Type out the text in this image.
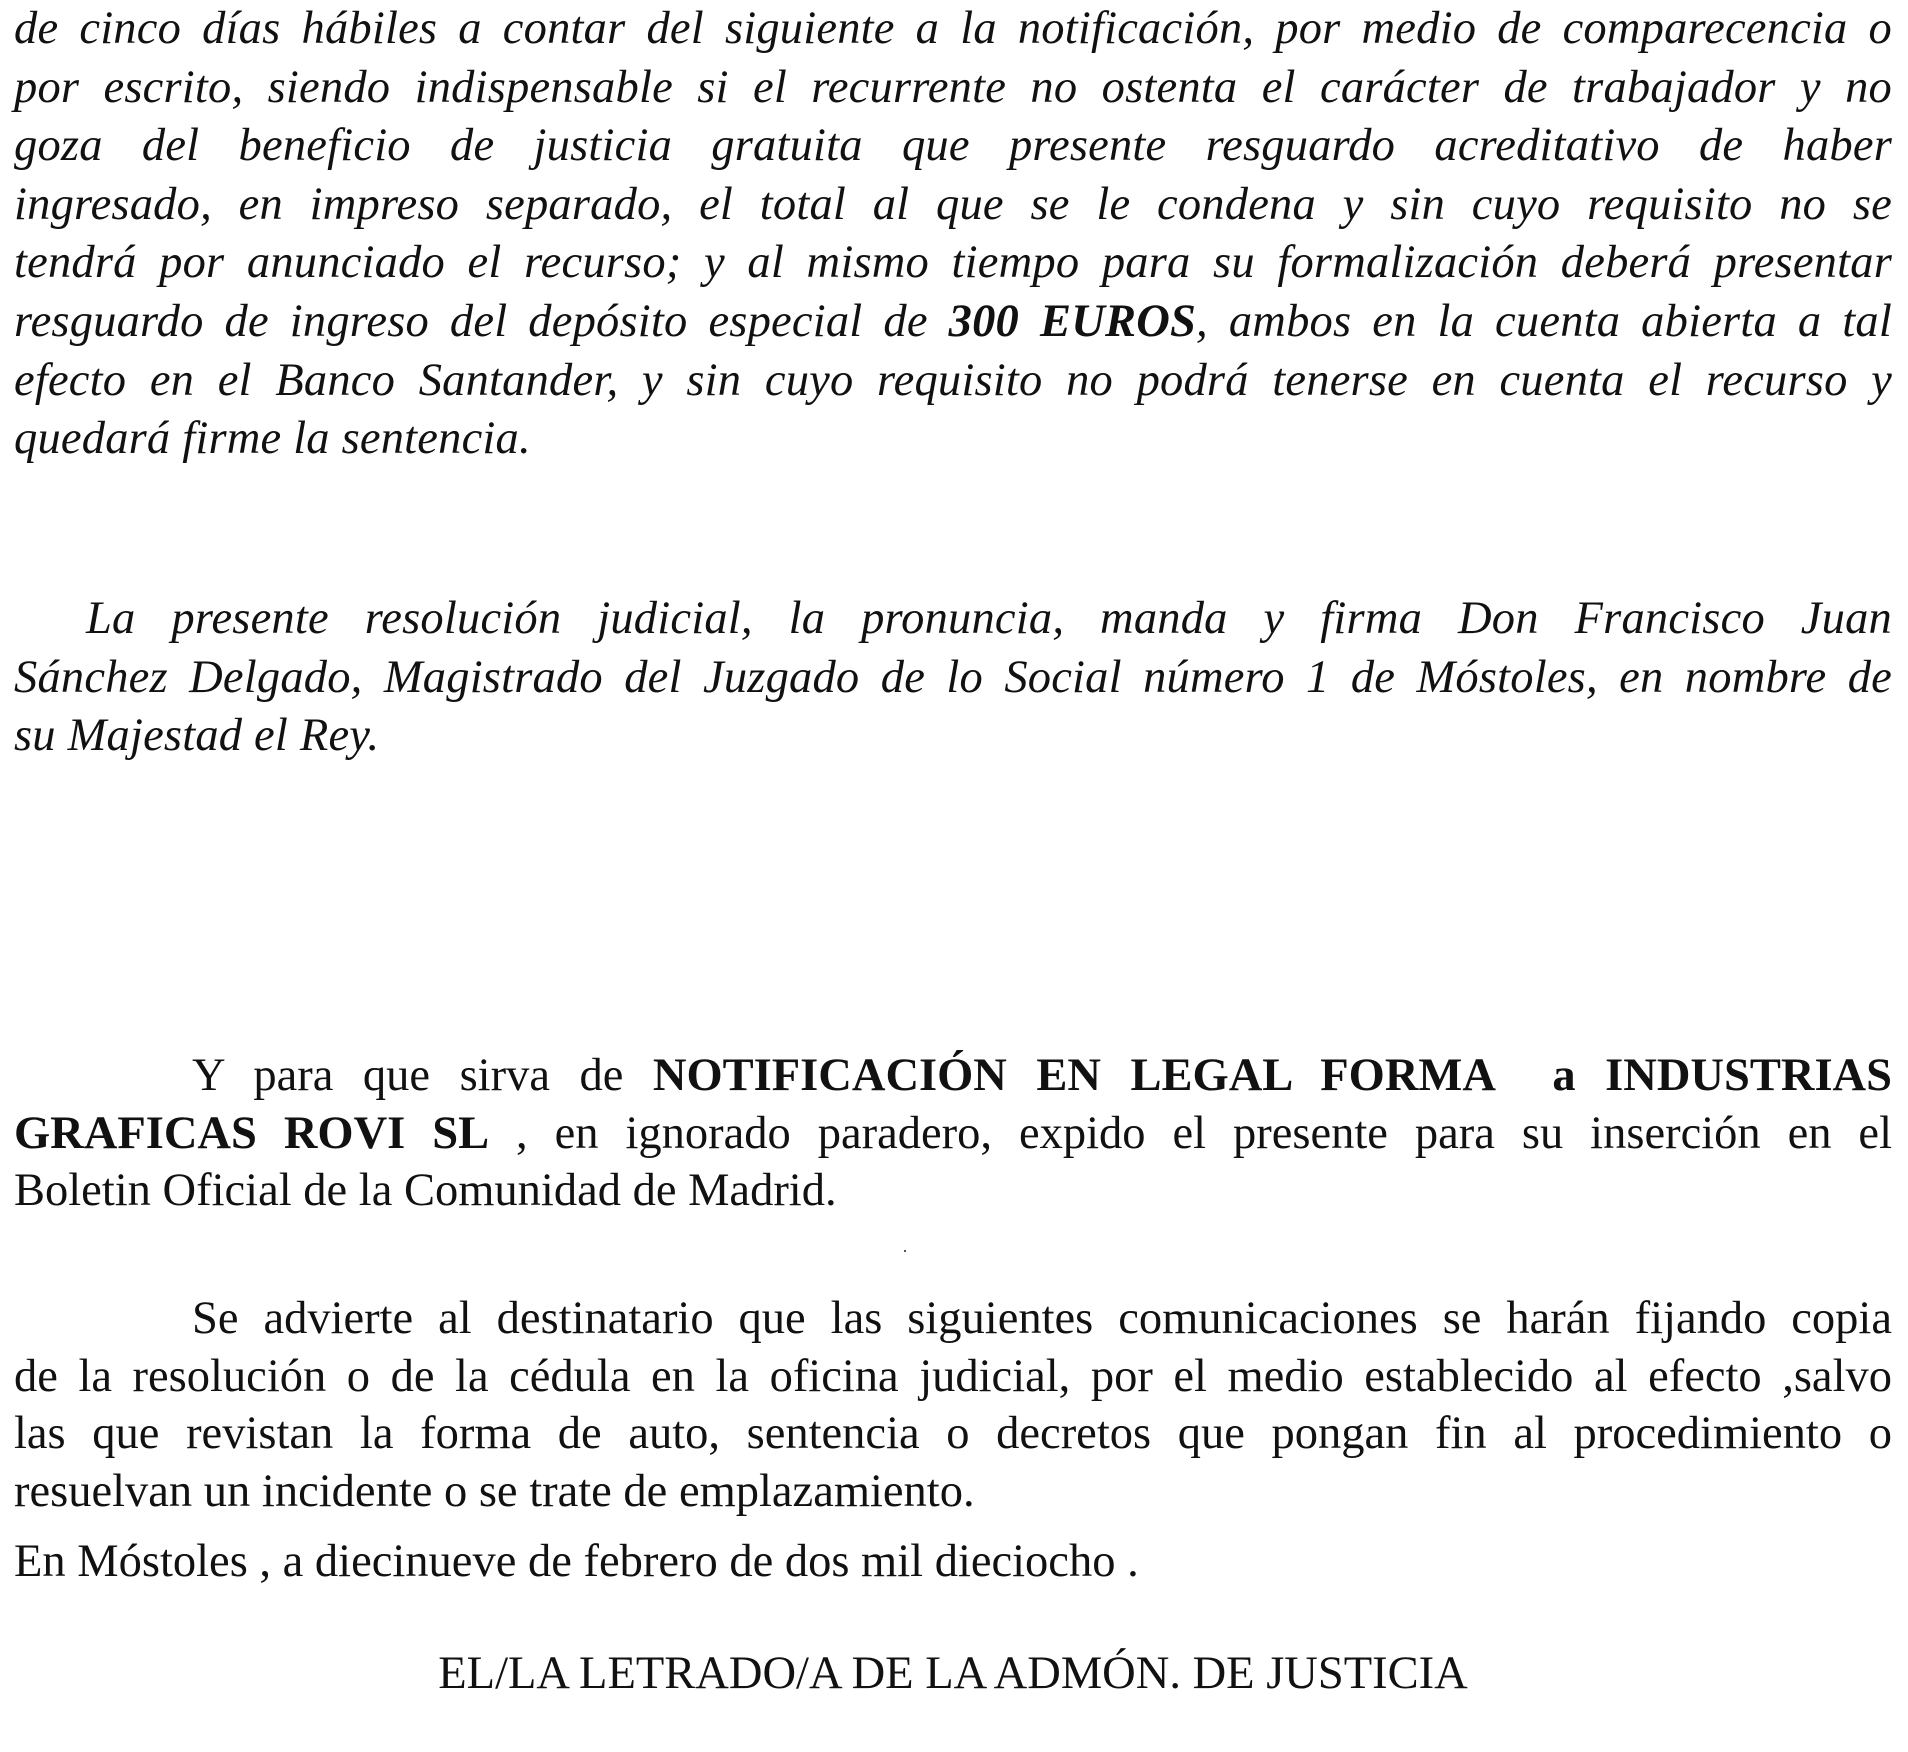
de cinco días hábiles a contar del siguiente a la notificación, por medio de comparecencia o
por escrito, siendo indispensable si el recurrente no ostenta el carácter de trabajador y no
goza del beneficio de justicia gratuita que presente resguardo acreditativo de haber
ingresado, en impreso separado, el total al que se le condena y sin cuyo requisito no se
tendrá por anunciado el recurso; y al mismo tiempo para su formalización deberá presentar
resguardo de ingreso del depósito especial de 300 EUROS, ambos en la cuenta abierta a tal
efecto en el Banco Santander, y sin cuyo requisito no podrá tenerse en cuenta el recurso y
quedará firme la sentencia.
La presente resolución judicial, la pronuncia, manda y firma Don Francisco Juan
Sánchez Delgado, Magistrado del Juzgado de lo Social número 1 de Móstoles, en nombre de
su Majestad el Rey.
Y para que sirva de NOTIFICACIÓN EN LEGAL FORMA  a INDUSTRIAS
GRAFICAS ROVI SL , en ignorado paradero, expido el presente para su inserción en el
Boletin Oficial de la Comunidad de Madrid.
Se advierte al destinatario que las siguientes comunicaciones se harán fijando copia
de la resolución o de la cédula en la oficina judicial, por el medio establecido al efecto ,salvo
las que revistan la forma de auto, sentencia o decretos que pongan fin al procedimiento o
resuelvan un incidente o se trate de emplazamiento.
En Móstoles , a diecinueve de febrero de dos mil dieciocho .
EL/LA LETRADO/A DE LA ADMÓN. DE JUSTICIA
